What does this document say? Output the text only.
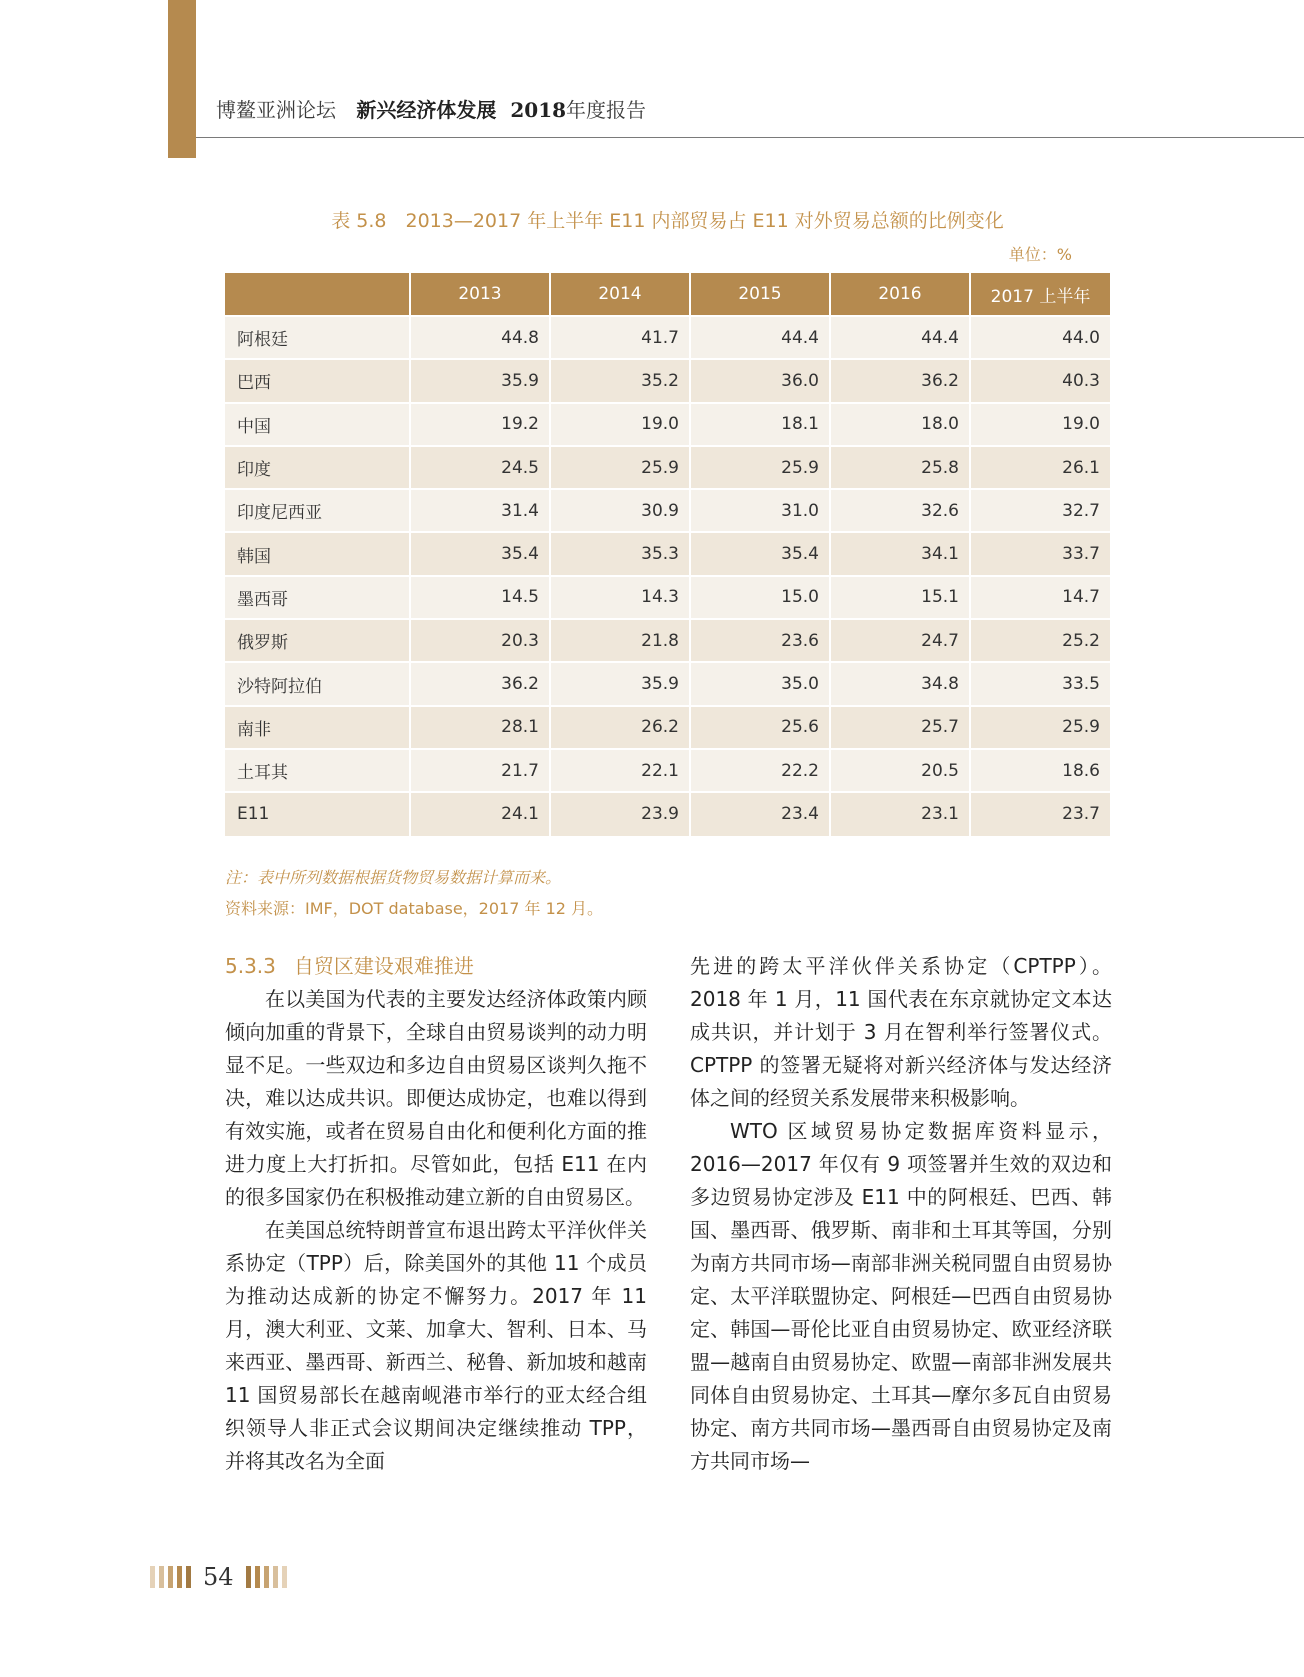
博鳌亚洲论坛 新兴经济体发展 2018年度报告
表 5.8　2013—2017 年上半年 E11 内部贸易占 E11 对外贸易总额的比例变化
单位：%
	2013	2014	2015	2016	2017 上半年
阿根廷	44.8	41.7	44.4	44.4	44.0
巴西	35.9	35.2	36.0	36.2	40.3
中国	19.2	19.0	18.1	18.0	19.0
印度	24.5	25.9	25.9	25.8	26.1
印度尼西亚	31.4	30.9	31.0	32.6	32.7
韩国	35.4	35.3	35.4	34.1	33.7
墨西哥	14.5	14.3	15.0	15.1	14.7
俄罗斯	20.3	21.8	23.6	24.7	25.2
沙特阿拉伯	36.2	35.9	35.0	34.8	33.5
南非	28.1	26.2	25.6	25.7	25.9
土耳其	21.7	22.1	22.2	20.5	18.6
E11	24.1	23.9	23.4	23.1	23.7
注：表中所列数据根据货物贸易数据计算而来。
资料来源：IMF，DOT database，2017 年 12 月。
5.3.3 自贸区建设艰难推进

在以美国为代表的主要发达经济体政策内顾倾向加重的背景下，全球自由贸易谈判的动力明显不足。一些双边和多边自由贸易区谈判久拖不决，难以达成共识。即便达成协定，也难以得到有效实施，或者在贸易自由化和便利化方面的推进力度上大打折扣。尽管如此，包括 E11 在内的很多国家仍在积极推动建立新的自由贸易区。

在美国总统特朗普宣布退出跨太平洋伙伴关系协定（TPP）后，除美国外的其他 11 个成员为推动达成新的协定不懈努力。2017 年 11 月，澳大利亚、文莱、加拿大、智利、日本、马来西亚、墨西哥、新西兰、秘鲁、新加坡和越南 11 国贸易部长在越南岘港市举行的亚太经合组织领导人非正式会议期间决定继续推动 TPP，并将其改名为全面

先进的跨太平洋伙伴关系协定（CPTPP）。2018 年 1 月，11 国代表在东京就协定文本达成共识，并计划于 3 月在智利举行签署仪式。CPTPP 的签署无疑将对新兴经济体与发达经济体之间的经贸关系发展带来积极影响。

WTO 区域贸易协定数据库资料显示，2016—2017 年仅有 9 项签署并生效的双边和多边贸易协定涉及 E11 中的阿根廷、巴西、韩国、墨西哥、俄罗斯、南非和土耳其等国，分别为南方共同市场—南部非洲关税同盟自由贸易协定、太平洋联盟协定、阿根廷—巴西自由贸易协定、韩国—哥伦比亚自由贸易协定、欧亚经济联盟—越南自由贸易协定、欧盟—南部非洲发展共同体自由贸易协定、土耳其—摩尔多瓦自由贸易协定、南方共同市场—墨西哥自由贸易协定及南方共同市场—

54
